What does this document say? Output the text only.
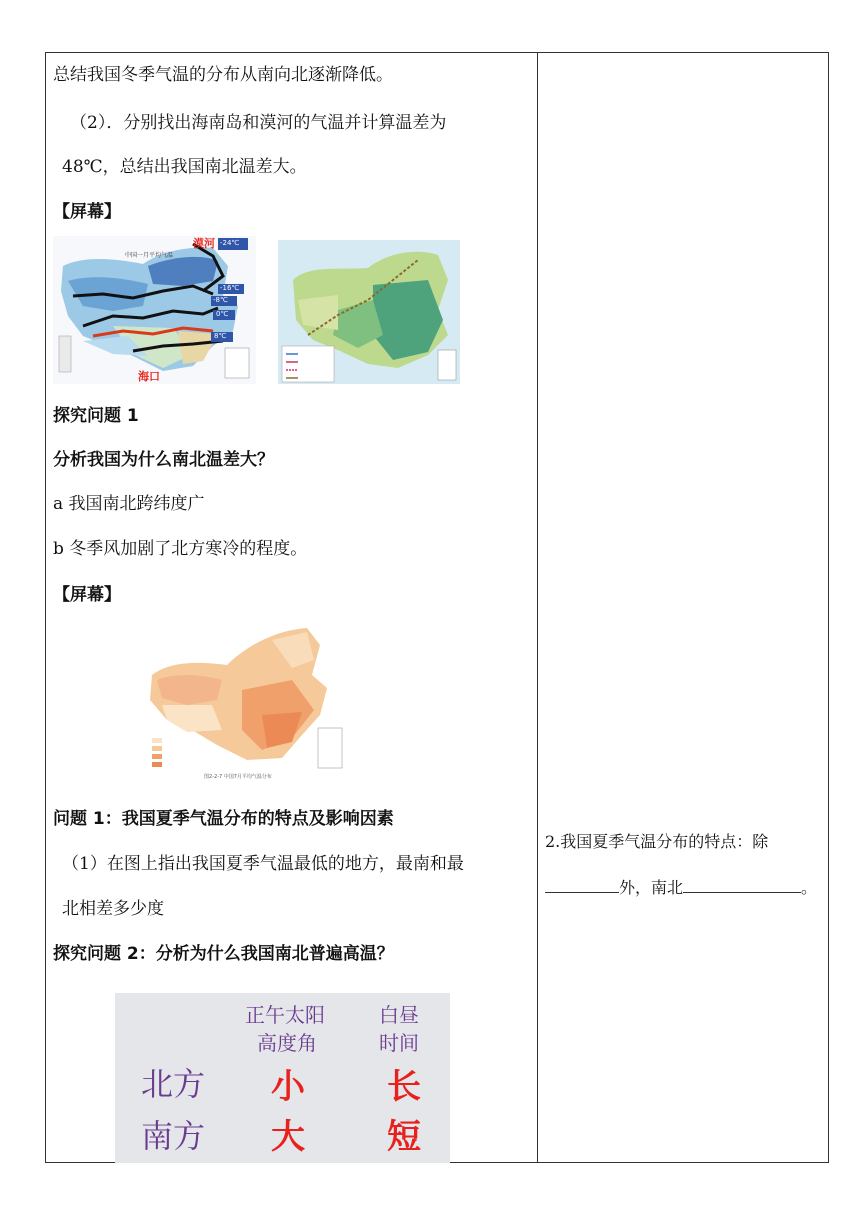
总结我国冬季气温的分布从南向北逐渐降低。
（2）．分别找出海南岛和漠河的气温并计算温差为
48℃，总结出我国南北温差大。
【屏幕】
中国一月平均气温
漠河
海口
-24℃
-16℃
-8℃
0℃
8℃
探究问题 1
分析我国为什么南北温差大？
a 我国南北跨纬度广
b 冬季风加剧了北方寒冷的程度。
【屏幕】
图2-2-7 中国7月平均气温分布
问题 1：我国夏季气温分布的特点及影响因素
（1）在图上指出我国夏季气温最低的地方，最南和最
北相差多少度
探究问题 2：分析为什么我国南北普遍高温？
正午太阳
高度角
白昼
时间
北方 小 长
南方 大 短
2.我国夏季气温分布的特点：除
外，南北	。
